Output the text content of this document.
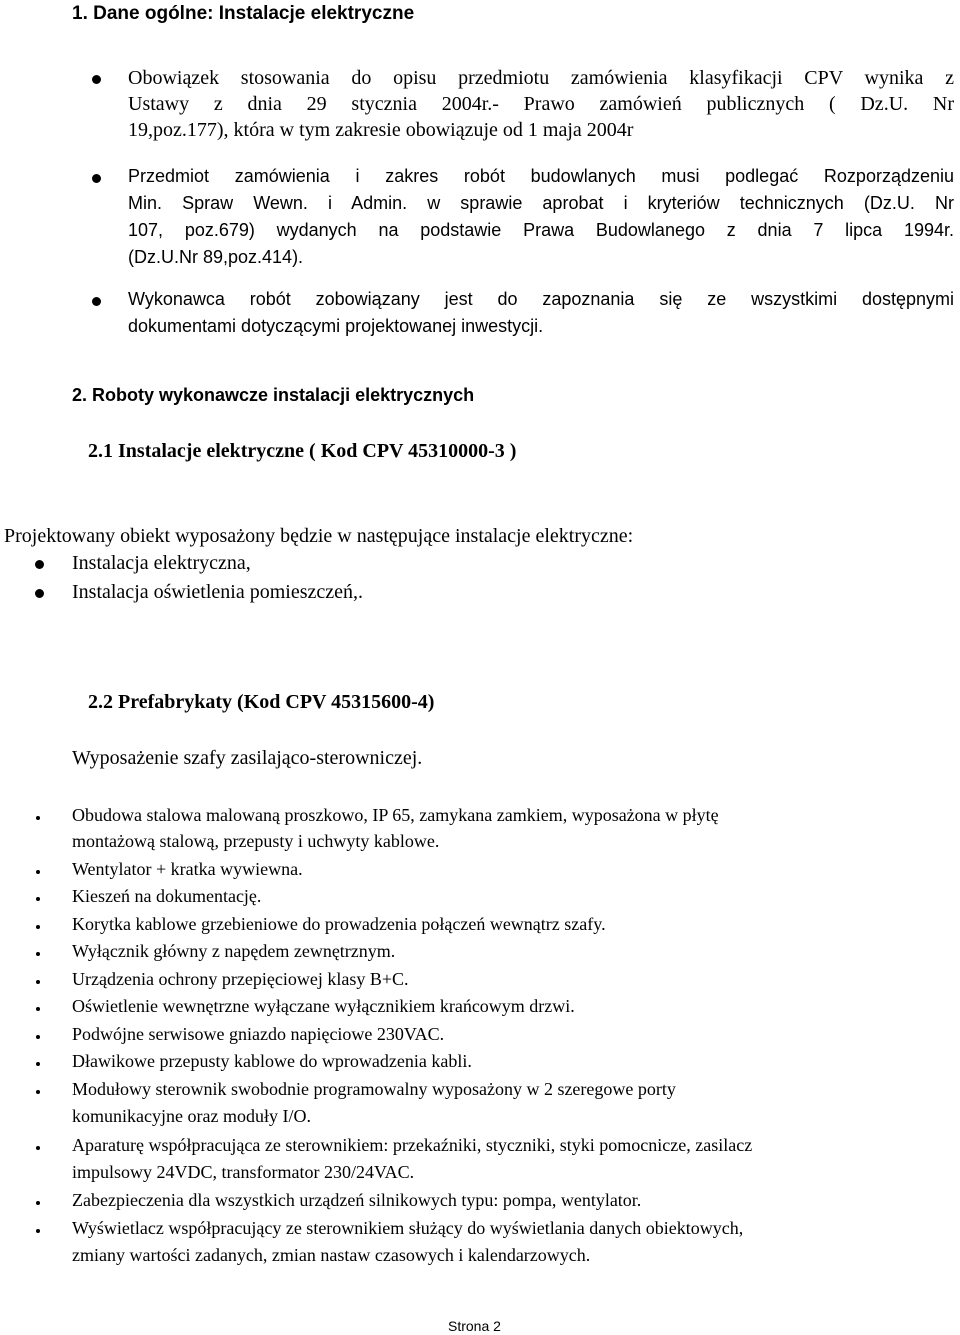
1. Dane ogólne: Instalacje elektryczne
Obowiązek stosowania do opisu przedmiotu zamówienia klasyfikacji CPV wynika z
Ustawy z dnia 29 stycznia 2004r.- Prawo zamówień publicznych ( Dz.U. Nr
19,poz.177), która w tym zakresie obowiązuje od 1 maja 2004r
Przedmiot zamówienia i zakres robót budowlanych musi podlegać Rozporządzeniu
Min. Spraw Wewn. i Admin. w sprawie aprobat i kryteriów technicznych (Dz.U. Nr
107, poz.679) wydanych na podstawie Prawa Budowlanego z dnia 7 lipca 1994r.
(Dz.U.Nr 89,poz.414).
Wykonawca robót zobowiązany jest do zapoznania się ze wszystkimi dostępnymi
dokumentami dotyczącymi projektowanej inwestycji.
2. Roboty wykonawcze instalacji elektrycznych
2.1 Instalacje elektryczne ( Kod CPV 45310000-3 )
Projektowany obiekt wyposażony będzie w następujące instalacje elektryczne:
Instalacja elektryczna,
Instalacja oświetlenia pomieszczeń,.
2.2 Prefabrykaty (Kod CPV 45315600-4)
Wyposażenie szafy zasilająco-sterowniczej.
Obudowa stalowa malowaną proszkowo, IP 65, zamykana zamkiem, wyposażona w płytę
montażową stalową, przepusty i uchwyty kablowe.
Wentylator + kratka wywiewna.
Kieszeń na dokumentację.
Korytka kablowe grzebieniowe do prowadzenia połączeń wewnątrz szafy.
Wyłącznik główny z napędem zewnętrznym.
Urządzenia ochrony przepięciowej klasy B+C.
Oświetlenie wewnętrzne wyłączane wyłącznikiem krańcowym drzwi.
Podwójne serwisowe gniazdo napięciowe 230VAC.
Dławikowe przepusty kablowe do wprowadzenia kabli.
Modułowy sterownik swobodnie programowalny wyposażony w 2 szeregowe porty
komunikacyjne oraz moduły I/O.
Aparaturę współpracująca ze sterownikiem: przekaźniki, styczniki, styki pomocnicze, zasilacz
impulsowy 24VDC, transformator 230/24VAC.
Zabezpieczenia dla wszystkich urządzeń silnikowych typu: pompa, wentylator.
Wyświetlacz współpracujący ze sterownikiem służący do wyświetlania danych obiektowych,
zmiany wartości zadanych, zmian nastaw czasowych i kalendarzowych.
Strona 2
